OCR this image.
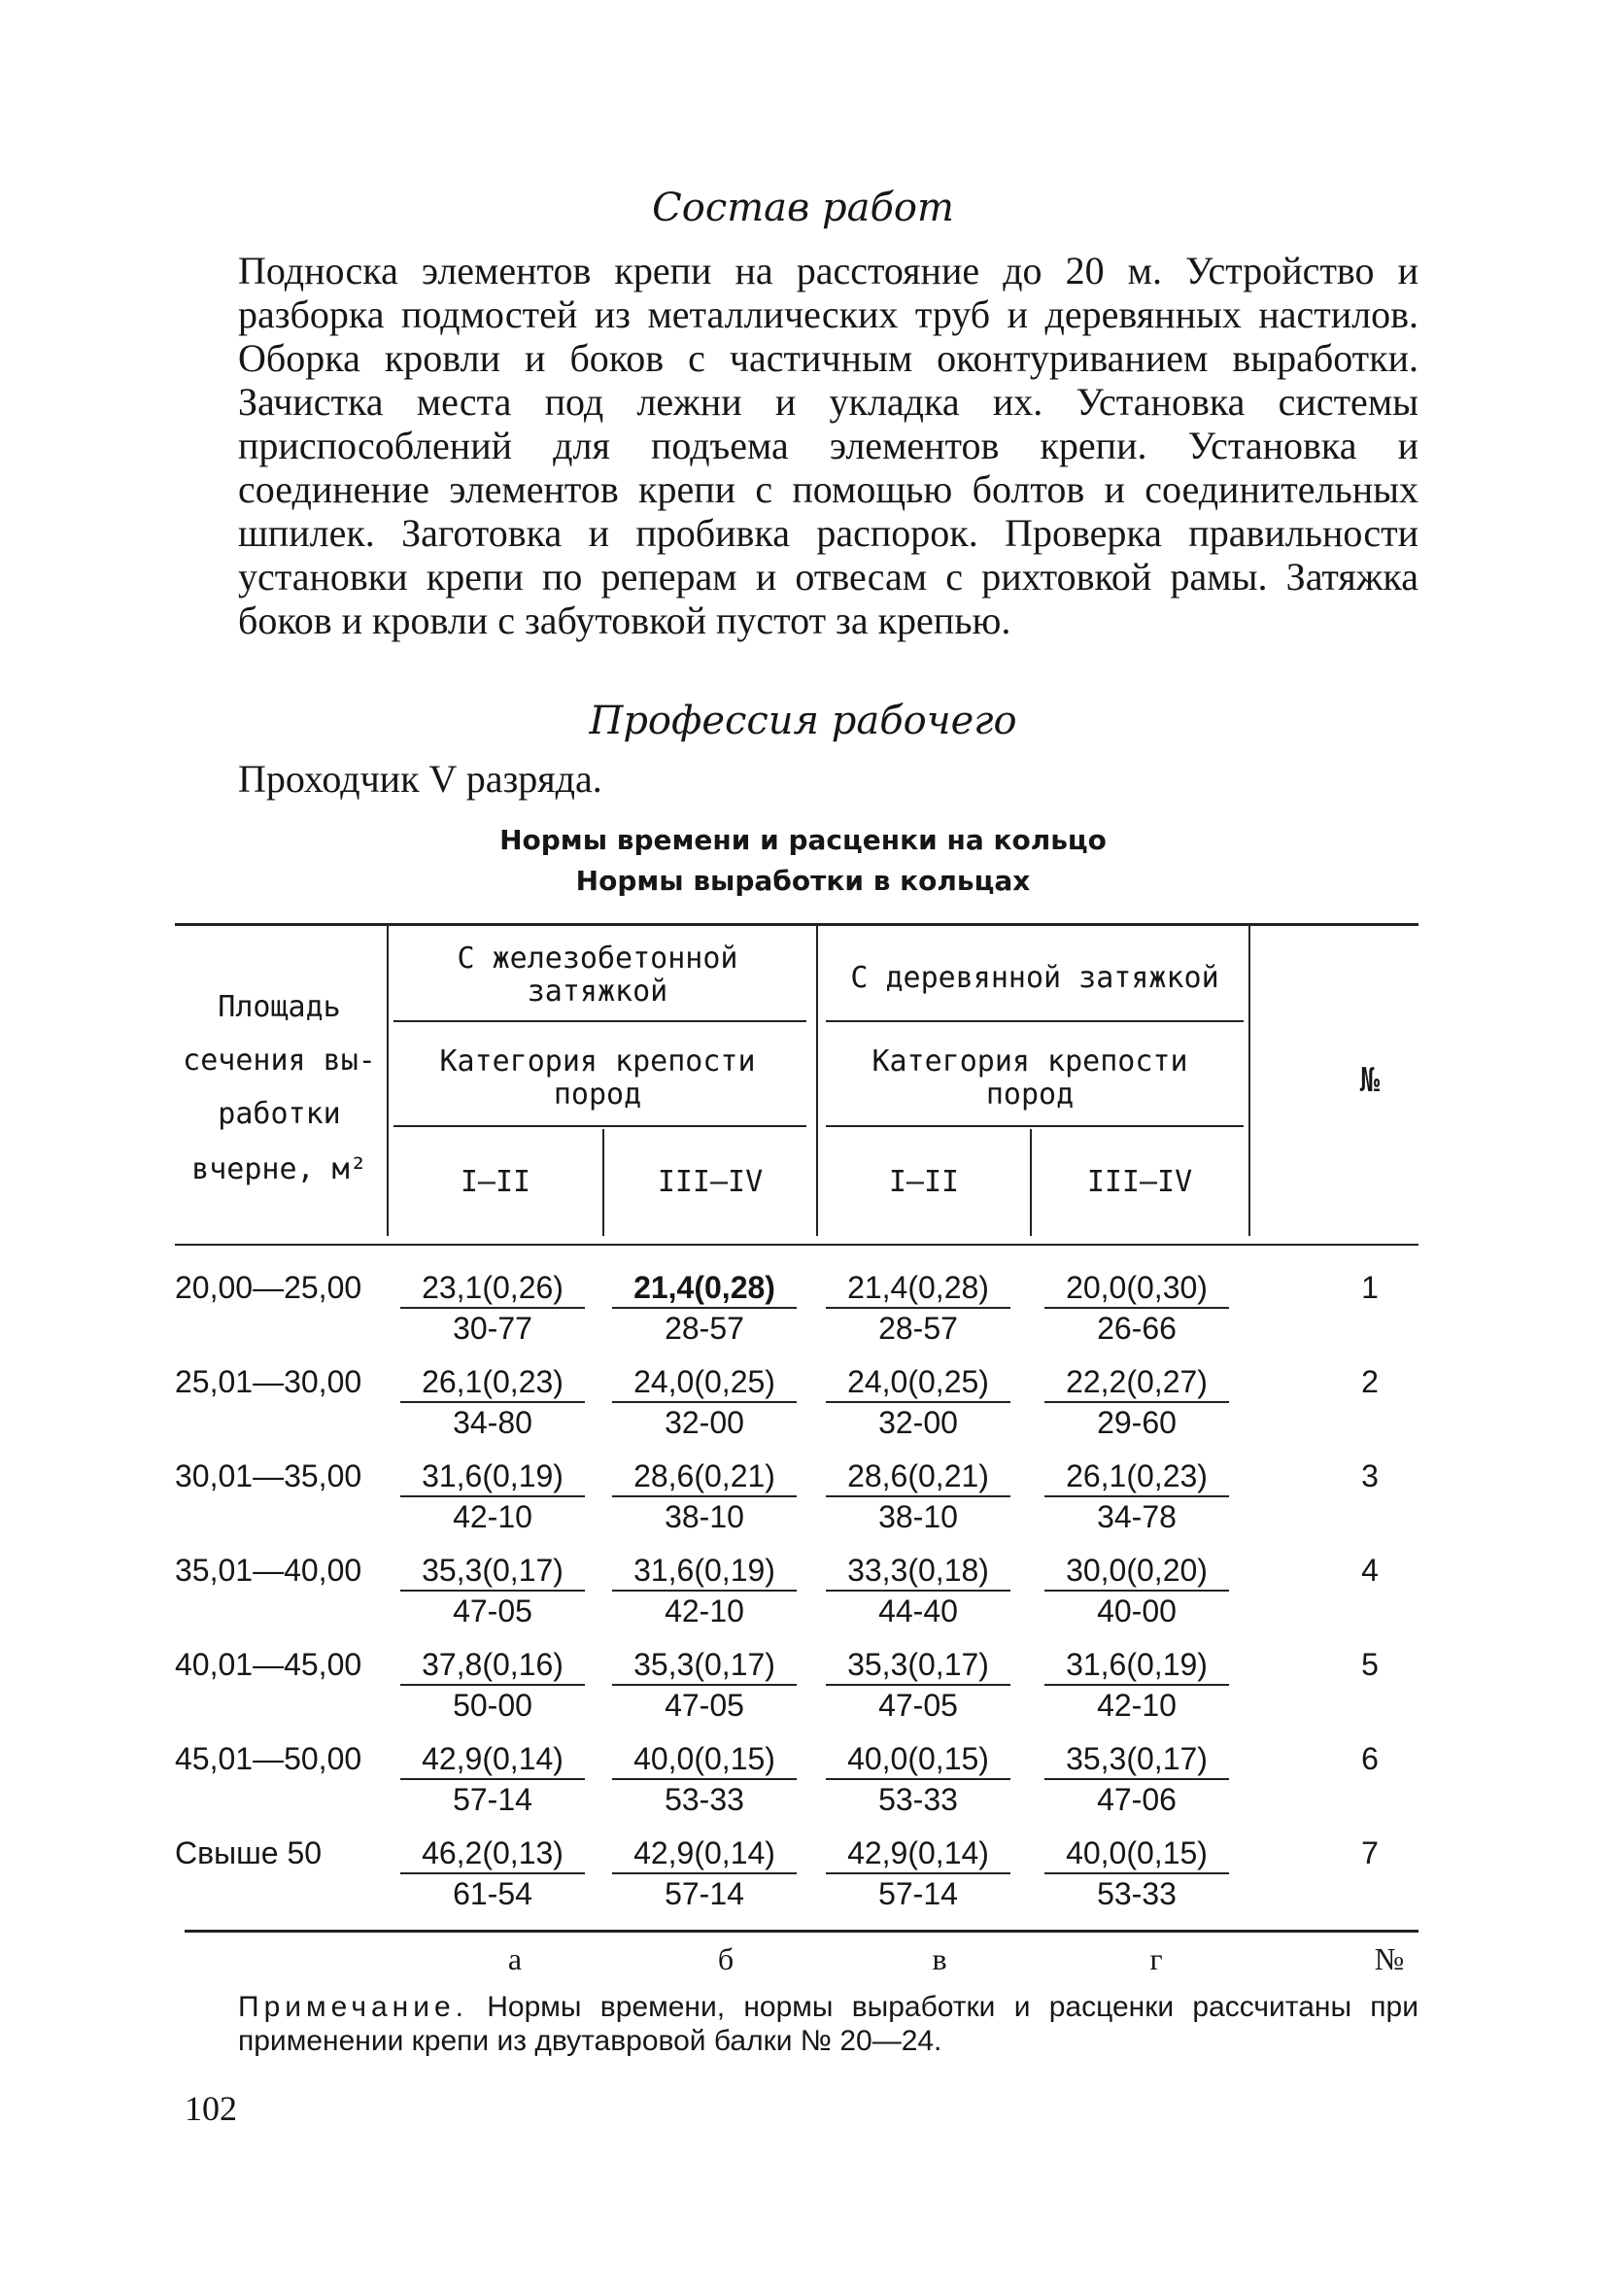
Состав работ
Подноска элементов крепи на расстояние до 20 м. Устройство и разборка подмостей из металлических труб и деревянных настилов. Оборка кровли и боков с частичным оконтуриванием выработки. Зачистка места под лежни и укладка их. Установка системы приспособлений для подъема элементов крепи. Установка и соединение элементов крепи с помощью болтов и соединительных шпилек. Заготовка и пробивка распорок. Проверка правильности установки крепи по реперам и отвесам с рихтовкой рамы. Затяжка боков и кровли с забутовкой пустот за крепью.
Профессия рабочего
Проходчик V разряда.
Нормы времени и расценки на кольцо
Нормы выработки в кольцах
Площадь
сечения вы-
работки
вчерне, м²
С железобетонной затяжкой	С деревянной затяжкой
Категория крепости пород
Категория крепости пород
I—II	III—IV	I—II	III—IV
№
20,00—25,00	$\frac{23,1(0,26)}{30-77} \frac{21,4(0,28)}{28-57} \frac{21,4(0,28)}{28-57} \frac{20,0(0,30)}{26-66}$	1
25,01—30,00	$\frac{26,1(0,23)}{34-80} \frac{24,0(0,25)}{32-00} \frac{24,0(0,25)}{32-00} \frac{22,2(0,27)}{29-60}$	2
30,01—35,00	$\frac{31,6(0,19)}{42-10} \frac{28,6(0,21)}{38-10} \frac{28,6(0,21)}{38-10} \frac{26,1(0,23)}{34-78}$	3
35,01—40,00	$\frac{35,3(0,17)}{47-05} \frac{31,6(0,19)}{42-10} \frac{33,3(0,18)}{44-40} \frac{30,0(0,20)}{40-00}$	4
40,01—45,00	$\frac{37,8(0,16)}{50-00} \frac{35,3(0,17)}{47-05} \frac{35,3(0,17)}{47-05} \frac{31,6(0,19)}{42-10}$	5
45,01—50,00	$\frac{42,9(0,14)}{57-14} \frac{40,0(0,15)}{53-33} \frac{40,0(0,15)}{53-33} \frac{35,3(0,17)}{47-06}$	6
Свыше 50	$\frac{46,2(0,13)}{61-54} \frac{42,9(0,14)}{57-14} \frac{42,9(0,14)}{57-14} \frac{40,0(0,15)}{53-33}$	7
а	б	в	г	№
Примечание. Нормы времени, нормы выработки и расценки рассчитаны при применении крепи из двутавровой балки № 20—24.
102
